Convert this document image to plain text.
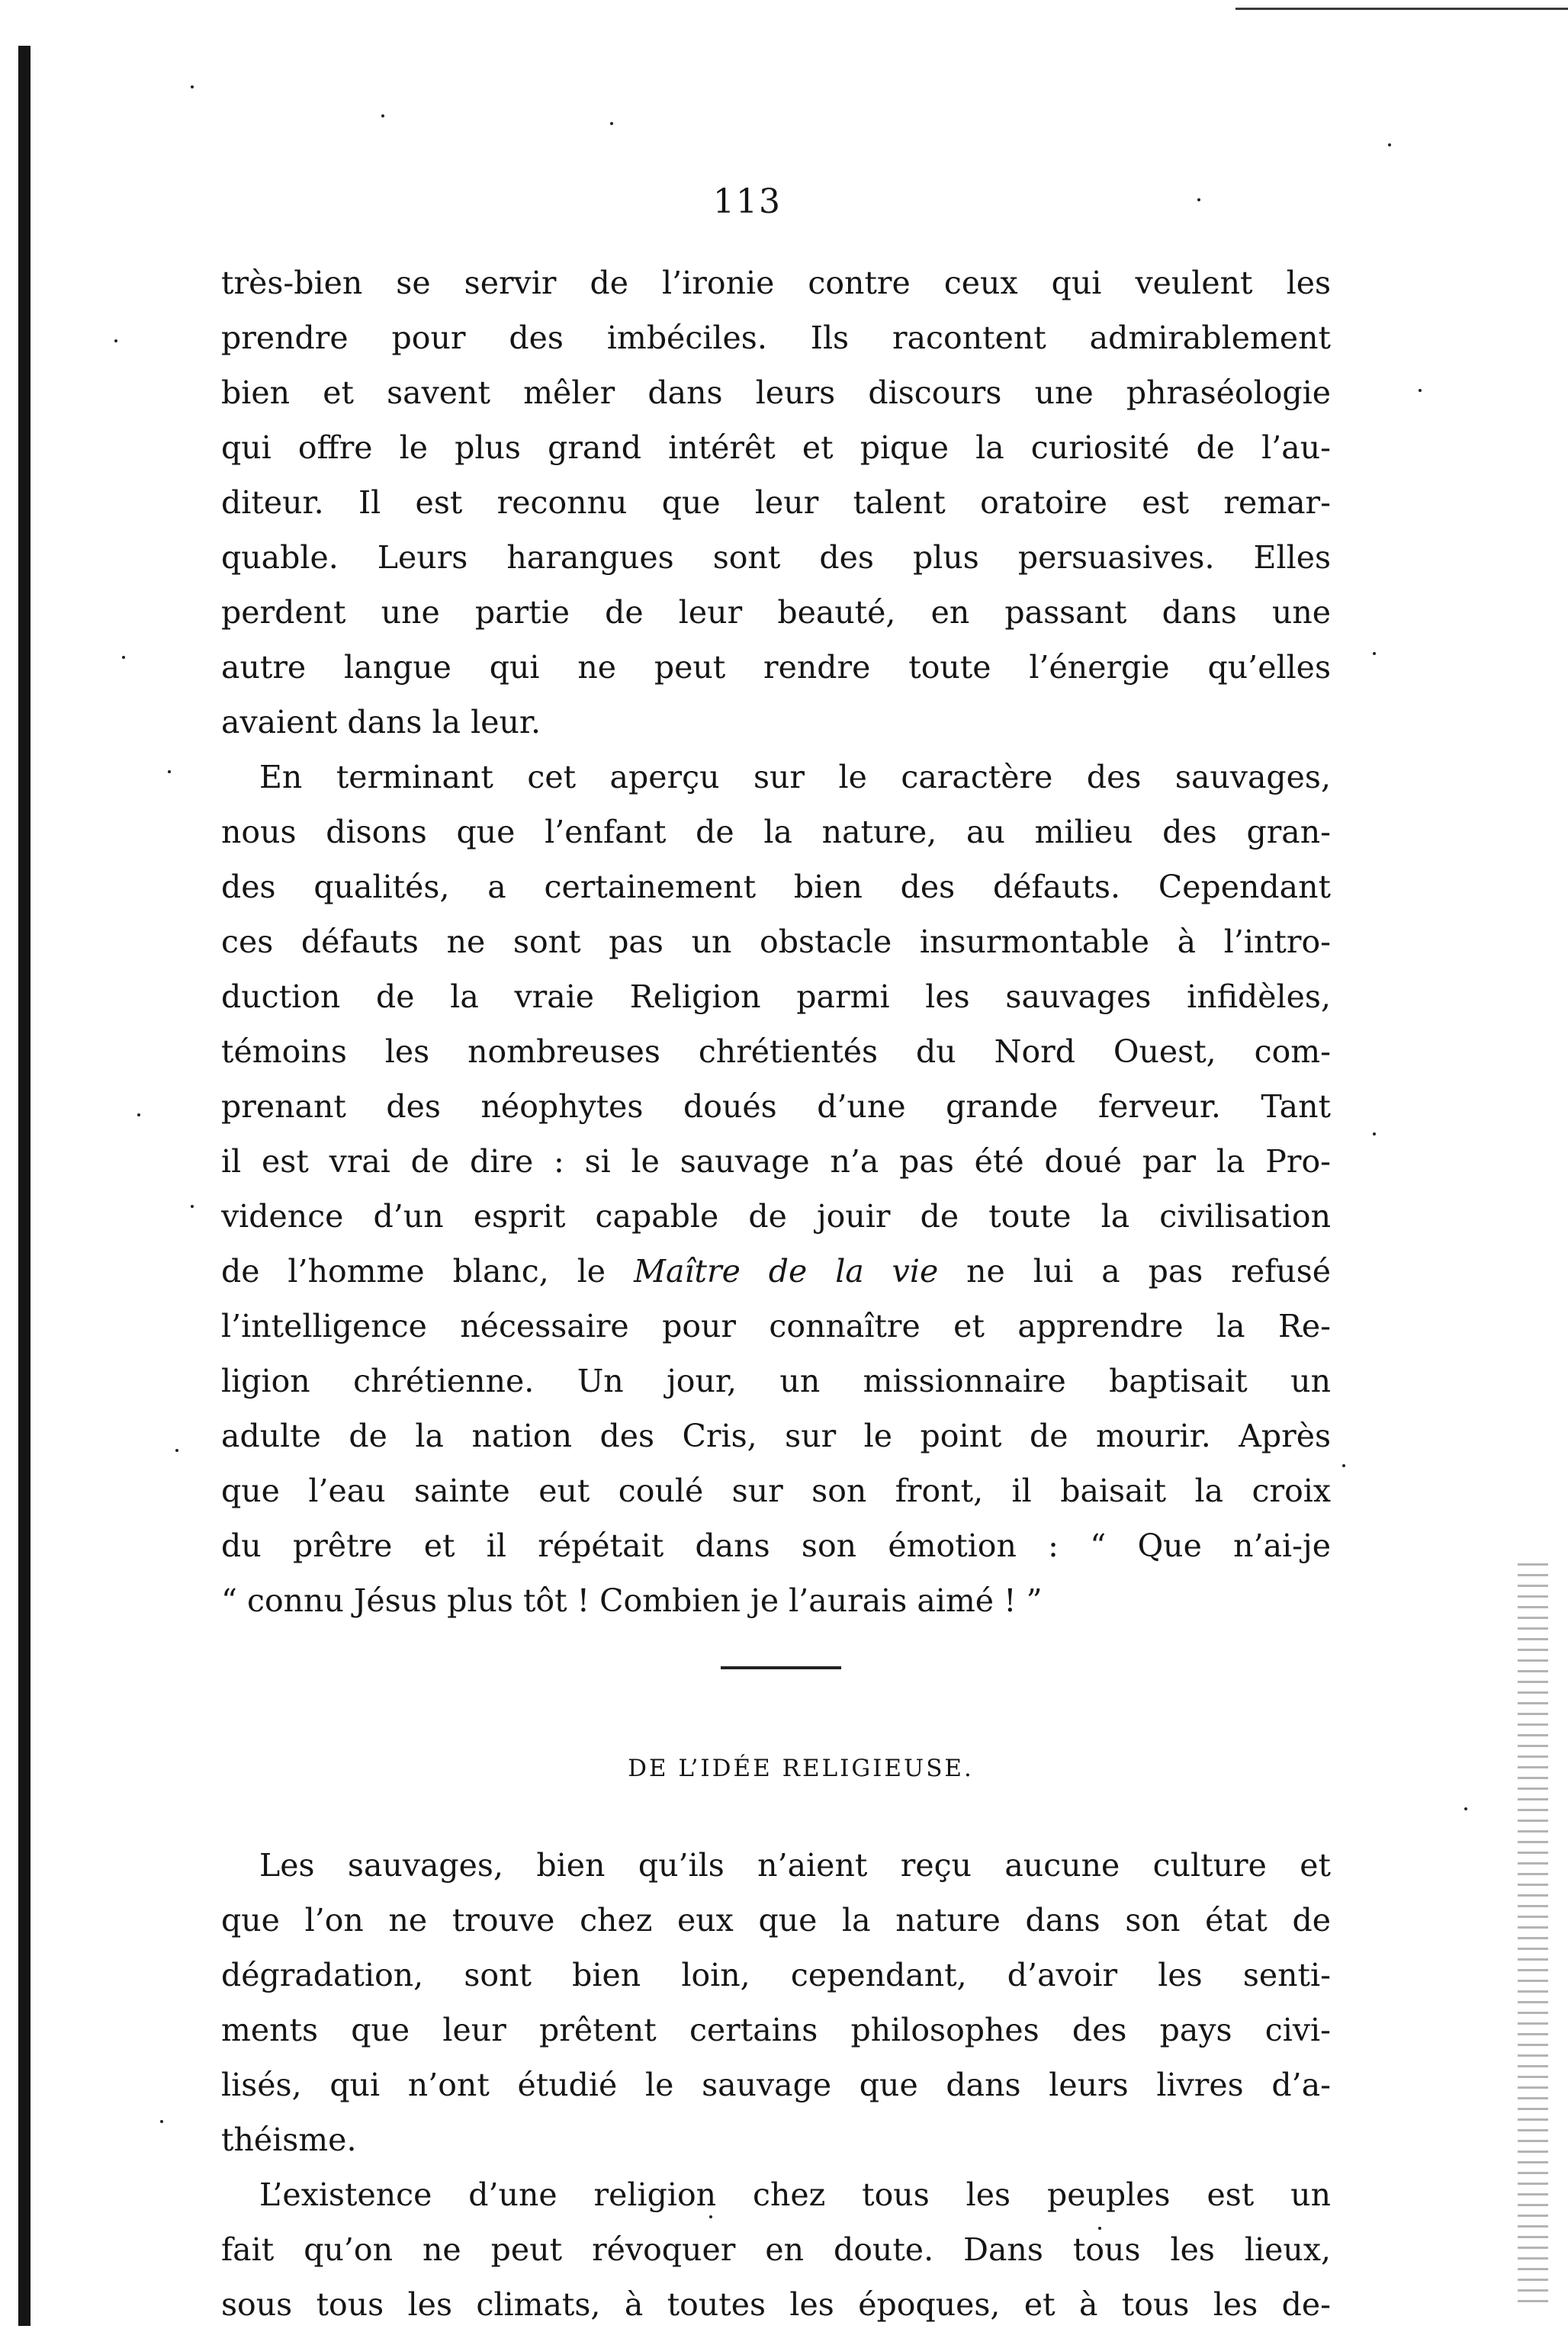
113
très-bien se servir de l’ironie contre ceux qui veulent les
prendre pour des imbéciles. Ils racontent admirablement
bien et savent mêler dans leurs discours une phraséologie
qui offre le plus grand intérêt et pique la curiosité de l’au-
diteur. Il est reconnu que leur talent oratoire est remar-
quable. Leurs harangues sont des plus persuasives. Elles
perdent une partie de leur beauté, en passant dans une
autre langue qui ne peut rendre toute l’énergie qu’elles
avaient dans la leur.
En terminant cet aperçu sur le caractère des sauvages,
nous disons que l’enfant de la nature, au milieu des gran-
des qualités, a certainement bien des défauts. Cependant
ces défauts ne sont pas un obstacle insurmontable à l’intro-
duction de la vraie Religion parmi les sauvages infidèles,
témoins les nombreuses chrétientés du Nord Ouest, com-
prenant des néophytes doués d’une grande ferveur. Tant
il est vrai de dire : si le sauvage n’a pas été doué par la Pro-
vidence d’un esprit capable de jouir de toute la civilisation
de l’homme blanc, le Maître de la vie ne lui a pas refusé
l’intelligence nécessaire pour connaître et apprendre la Re-
ligion chrétienne. Un jour, un missionnaire baptisait un
adulte de la nation des Cris, sur le point de mourir. Après
que l’eau sainte eut coulé sur son front, il baisait la croix
du prêtre et il répétait dans son émotion : “ Que n’ai-je
“ connu Jésus plus tôt ! Combien je l’aurais aimé ! ”
DE L’IDÉE RELIGIEUSE.
Les sauvages, bien qu’ils n’aient reçu aucune culture et
que l’on ne trouve chez eux que la nature dans son état de
dégradation, sont bien loin, cependant, d’avoir les senti-
ments que leur prêtent certains philosophes des pays civi-
lisés, qui n’ont étudié le sauvage que dans leurs livres d’a-
théisme.
L’existence d’une religion chez tous les peuples est un
fait qu’on ne peut révoquer en doute. Dans tous les lieux,
sous tous les climats, à toutes les époques, et à tous les de-
